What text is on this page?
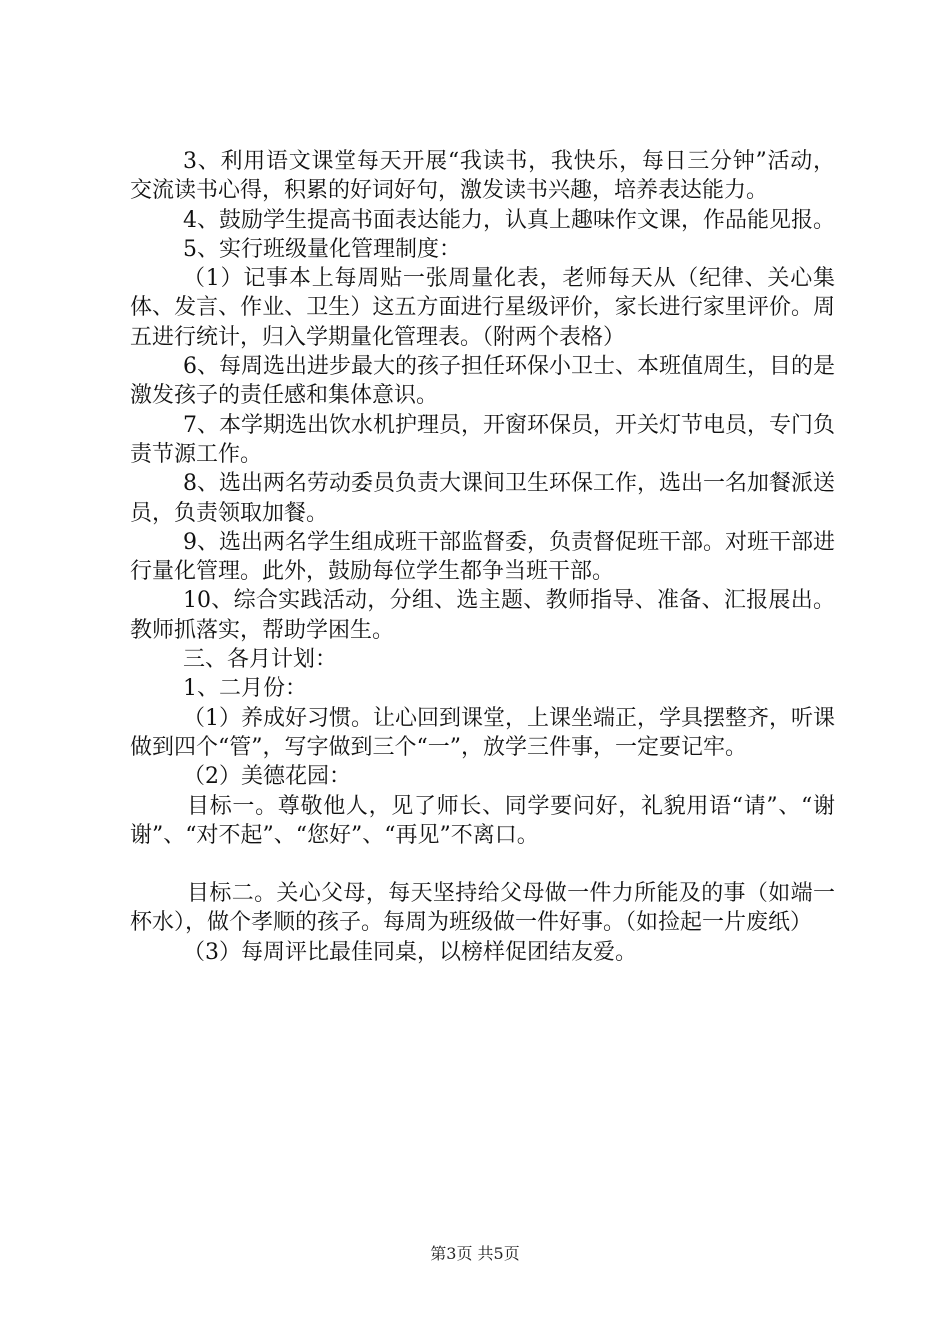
3、利用语文课堂每天开展“我读书，我快乐，每日三分钟”活动，交流读书心得，积累的好词好句，激发读书兴趣，培养表达能力。

4、鼓励学生提高书面表达能力，认真上趣味作文课，作品能见报。

5、实行班级量化管理制度：

（1）记事本上每周贴一张周量化表，老师每天从（纪律、关心集体、发言、作业、卫生）这五方面进行星级评价，家长进行家里评价。周五进行统计，归入学期量化管理表。（附两个表格）

6、每周选出进步最大的孩子担任环保小卫士、本班值周生，目的是激发孩子的责任感和集体意识。

7、本学期选出饮水机护理员，开窗环保员，开关灯节电员，专门负责节源工作。

8、选出两名劳动委员负责大课间卫生环保工作，选出一名加餐派送员，负责领取加餐。

9、选出两名学生组成班干部监督委，负责督促班干部。对班干部进行量化管理。此外，鼓励每位学生都争当班干部。

10、综合实践活动，分组、选主题、教师指导、准备、汇报展出。教师抓落实，帮助学困生。

三、各月计划：

1、二月份：

（1）养成好习惯。让心回到课堂，上课坐端正，学具摆整齐，听课做到四个“管”，写字做到三个“一”，放学三件事，一定要记牢。

（2）美德花园：

目标一。尊敬他人，见了师长、同学要问好，礼貌用语“请”、“谢谢”、“对不起”、“您好”、“再见”不离口。

目标二。关心父母，每天坚持给父母做一件力所能及的事（如端一杯水），做个孝顺的孩子。每周为班级做一件好事。（如捡起一片废纸）

（3）每周评比最佳同桌，以榜样促团结友爱。

第3页 共5页
